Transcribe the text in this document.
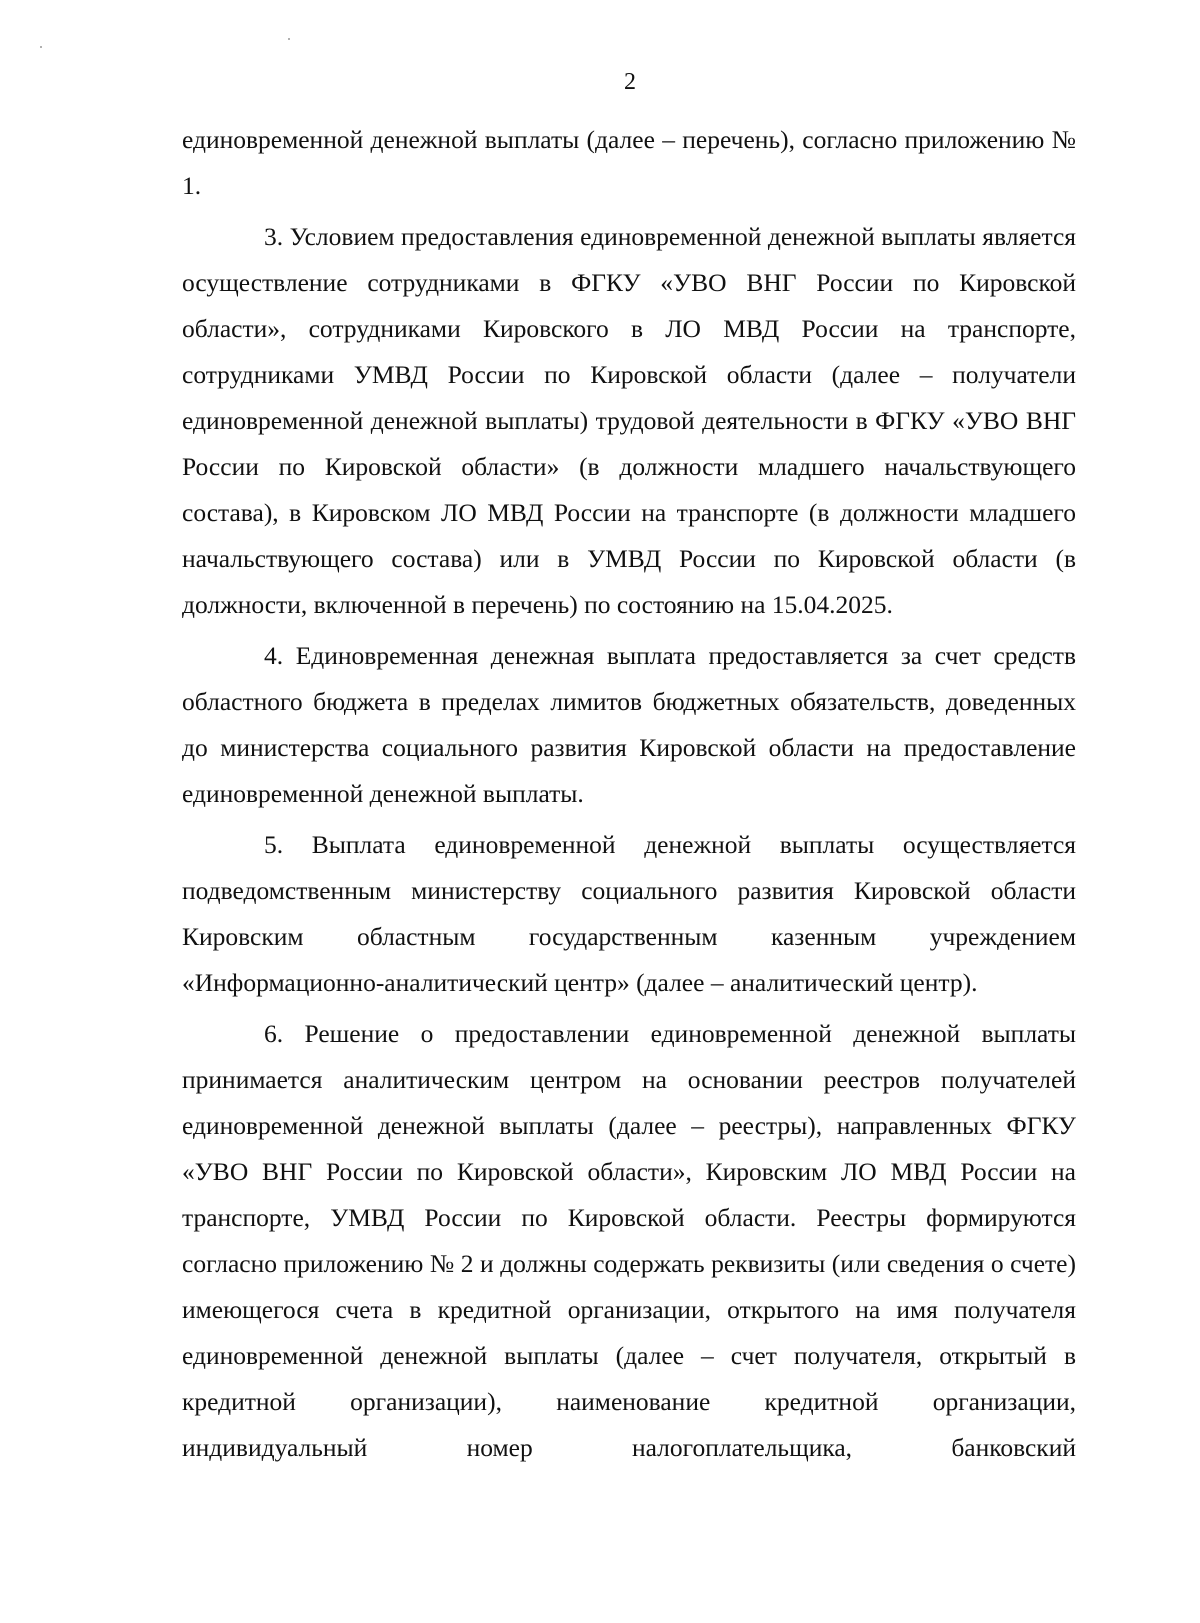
2

единовременной денежной выплаты (далее – перечень), согласно приложению № 1.

3. Условием предоставления единовременной денежной выплаты является осуществление сотрудниками в ФГКУ «УВО ВНГ России по Кировской области», сотрудниками Кировского в ЛО МВД России на транспорте, сотрудниками УМВД России по Кировской области (далее – получатели единовременной денежной выплаты) трудовой деятельности в ФГКУ «УВО ВНГ России по Кировской области» (в должности младшего начальствующего состава), в Кировском ЛО МВД России на транспорте (в должности младшего начальствующего состава) или в УМВД России по Кировской области (в должности, включенной в перечень) по состоянию на 15.04.2025.

4. Единовременная денежная выплата предоставляется за счет средств областного бюджета в пределах лимитов бюджетных обязательств, доведенных до министерства социального развития Кировской области на предоставление единовременной денежной выплаты.

5. Выплата единовременной денежной выплаты осуществляется подведомственным министерству социального развития Кировской области Кировским областным государственным казенным учреждением «Информационно-аналитический центр» (далее – аналитический центр).

6. Решение о предоставлении единовременной денежной выплаты принимается аналитическим центром на основании реестров получателей единовременной денежной выплаты (далее – реестры), направленных ФГКУ «УВО ВНГ России по Кировской области», Кировским ЛО МВД России на транспорте, УМВД России по Кировской области. Реестры формируются согласно приложению № 2 и должны содержать реквизиты (или сведения о счете) имеющегося счета в кредитной организации, открытого на имя получателя единовременной денежной выплаты (далее – счет получателя, открытый в кредитной организации), наименование кредитной организации, индивидуальный номер налогоплательщика, банковский
